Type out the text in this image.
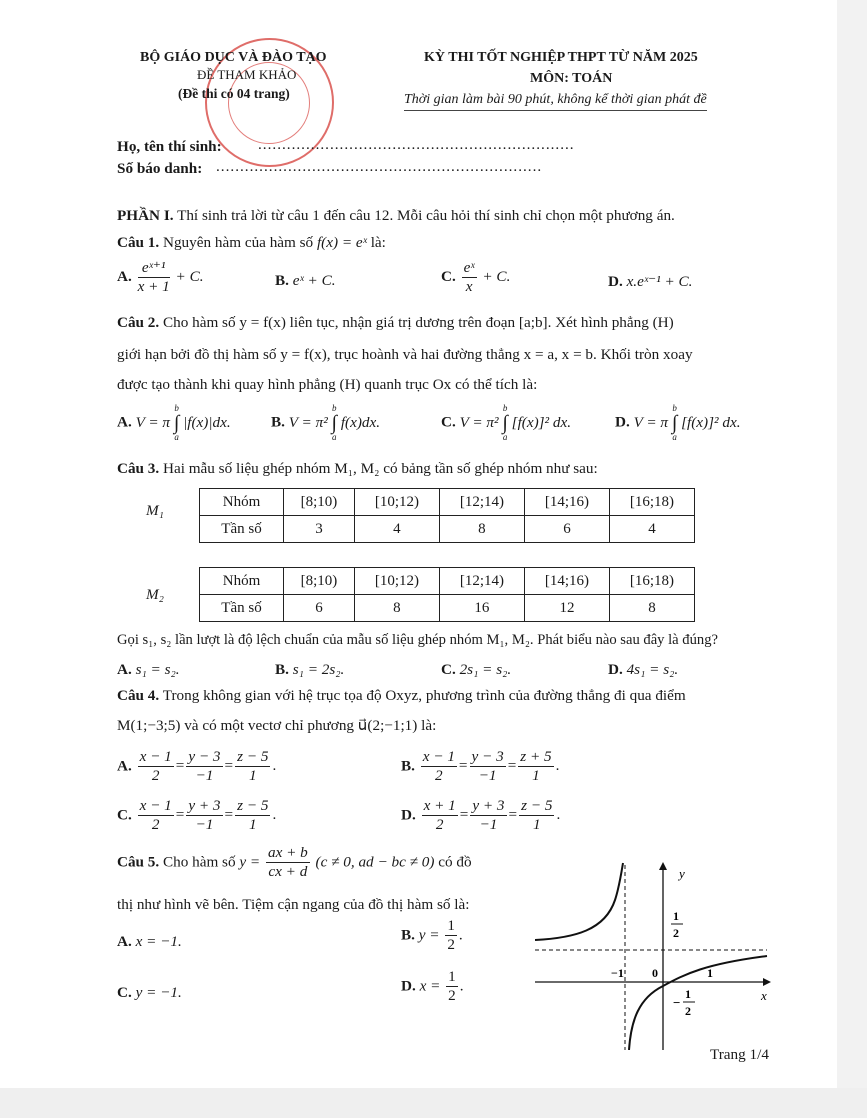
BỘ GIÁO DỤC VÀ ĐÀO TẠO
ĐỀ THAM KHẢO
(Đề thi có 04 trang)
KỲ THI TỐT NGHIỆP THPT TỪ NĂM 2025
MÔN: TOÁN
Thời gian làm bài 90 phút, không kể thời gian phát đề
Họ, tên thí sinh: ..................................................................
Số báo danh: ....................................................................
PHẦN I. Thí sinh trả lời từ câu 1 đến câu 12. Mỗi câu hỏi thí sinh chỉ chọn một phương án.
Câu 1. Nguyên hàm của hàm số f(x) = eˣ là:
A. $\frac{\text{eˣ⁺¹}}{x + 1} + C$.	B. eˣ + C.	C. $\frac{\text{eˣ}}{x} + C$.	D. x.eˣ⁻¹ + C.
Câu 2. Cho hàm số y = f(x) liên tục, nhận giá trị dương trên đoạn [a;b]. Xét hình phẳng (H)
giới hạn bởi đồ thị hàm số y = f(x), trục hoành và hai đường thẳng x = a, x = b. Khối tròn xoay
được tạo thành khi quay hình phẳng (H) quanh trục Ox có thể tích là:
A. V = π
b
∫
a
|f(x)|dx.	B. V = π²
b
∫
a
f(x)dx.	C. V = π²
b
∫
a
[f(x)]² dx.	D. V = π
b
∫
a
[f(x)]² dx.
Câu 3. Hai mẫu số liệu ghép nhóm M₁, M₂ có bảng tần số ghép nhóm như sau:
M₁
Nhóm	[8;10)	[10;12)	[12;14)	[14;16)	[16;18)
Tần số	3	4	8	6	4
M₂
Nhóm	[8;10)	[10;12)	[12;14)	[14;16)	[16;18)
Tần số	6	8	16	12	8
Gọi s₁, s₂ lần lượt là độ lệch chuẩn của mẫu số liệu ghép nhóm M₁, M₂. Phát biểu nào sau đây là đúng?
A. s₁ = s₂.	B. s₁ = 2s₂.	C. 2s₁ = s₂.	D. 4s₁ = s₂.
Câu 4. Trong không gian với hệ trục tọa độ Oxyz, phương trình của đường thẳng đi qua điểm
M(1;−3;5) và có một vectơ chỉ phương u⃗(2;−1;1) là:
A. $\frac{x - 1}{2} = \frac{y - 3}{-1} = \frac{z - 5}{1}$ .	B. $\frac{x - 1}{2} = \frac{y - 3}{-1} = \frac{z + 5}{1}$ .
C. $\frac{x - 1}{2} = \frac{y + 3}{-1} = \frac{z - 5}{1}$ .	D. $\frac{x + 1}{2} = \frac{y + 3}{-1} = \frac{z - 5}{1}$ .
Câu 5. Cho hàm số $y = \frac{ax + b}{cx + d} (c \ne 0$, ad − bc ≠ 0) có đồ
thị như hình vẽ bên. Tiệm cận ngang của đồ thị hàm số là:
A. x = −1.	B. $y = \frac{1}{2}$ .
C. y = −1.	D. $x = \frac{1}{2}$ .
y
x
0
−1	1
1
2
−
1
2
Trang 1/4
